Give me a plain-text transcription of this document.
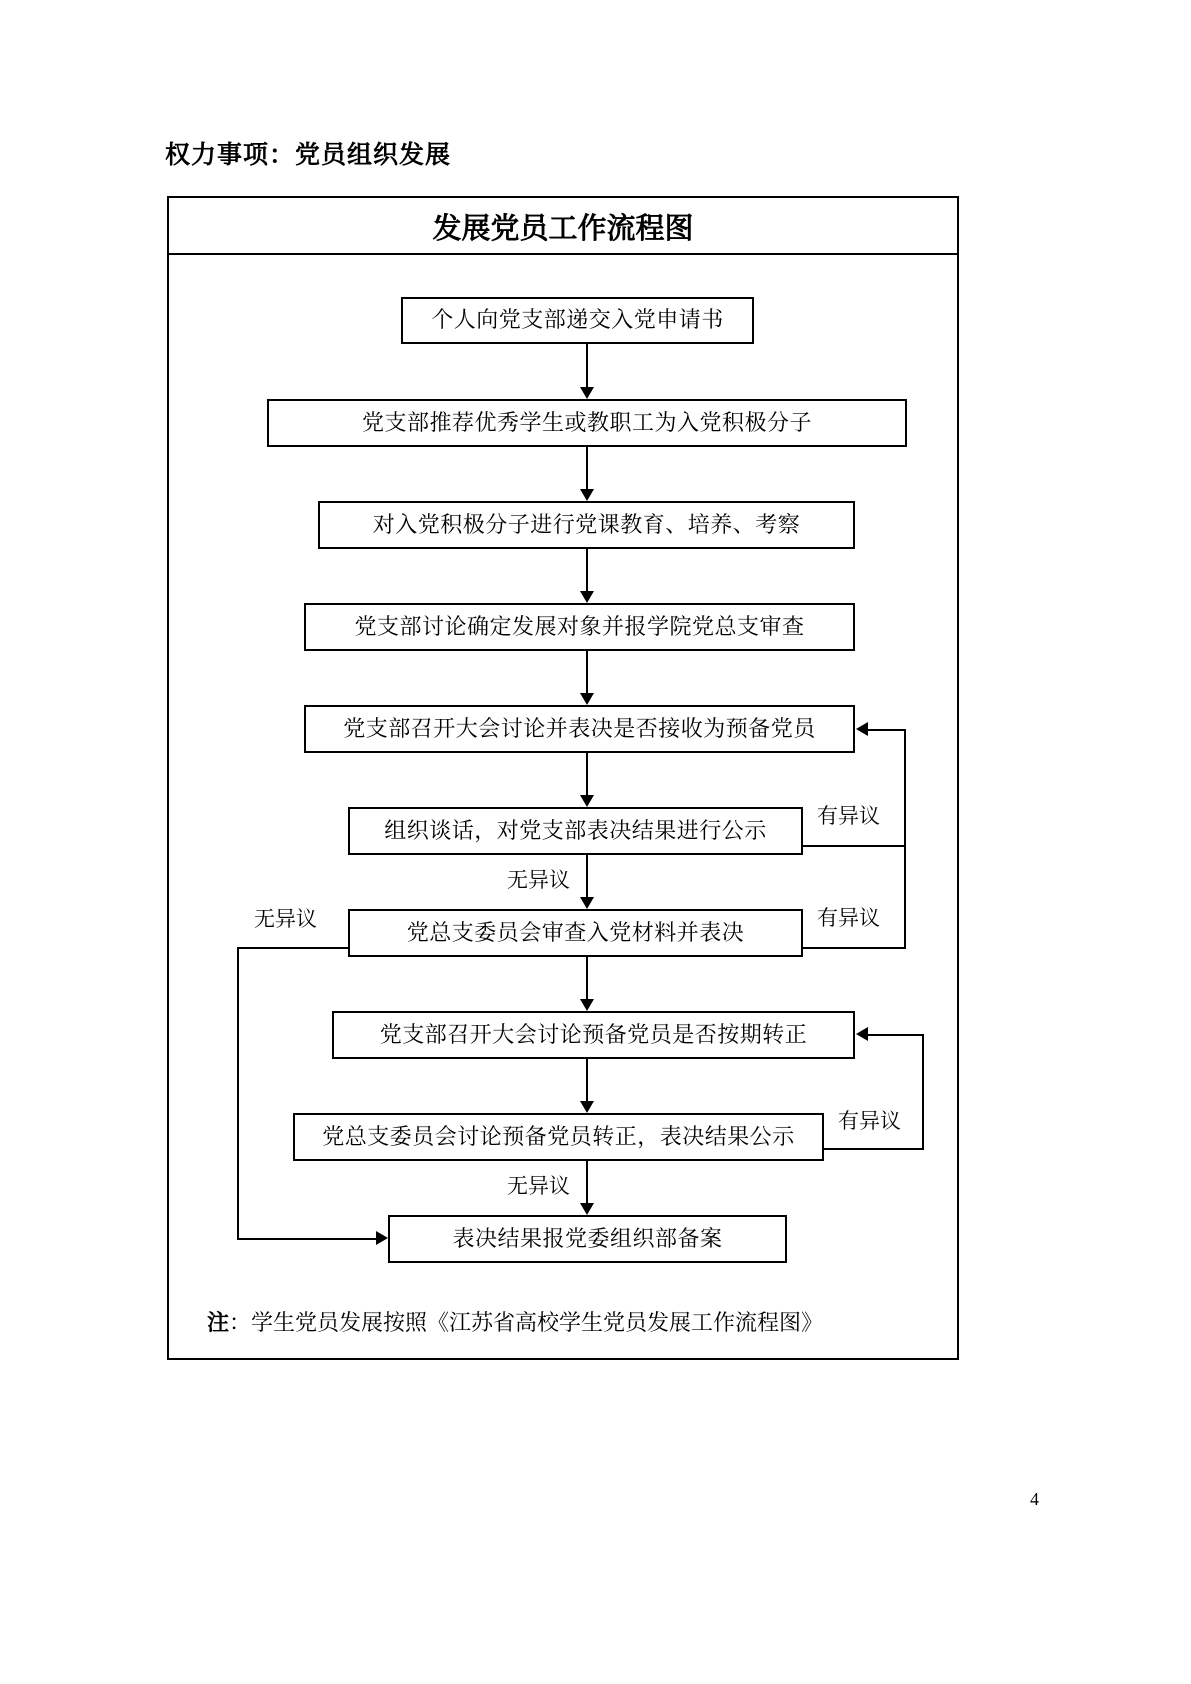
权力事项：党员组织发展
发展党员工作流程图
个人向党支部递交入党申请书
党支部推荐优秀学生或教职工为入党积极分子
对入党积极分子进行党课教育、培养、考察
党支部讨论确定发展对象并报学院党总支审查
党支部召开大会讨论并表决是否接收为预备党员
组织谈话，对党支部表决结果进行公示
党总支委员会审查入党材料并表决
党支部召开大会讨论预备党员是否按期转正
党总支委员会讨论预备党员转正，表决结果公示
表决结果报党委组织部备案
有异议
无异议
有异议
无异议
有异议
无异议
注：学生党员发展按照《江苏省高校学生党员发展工作流程图》
4
